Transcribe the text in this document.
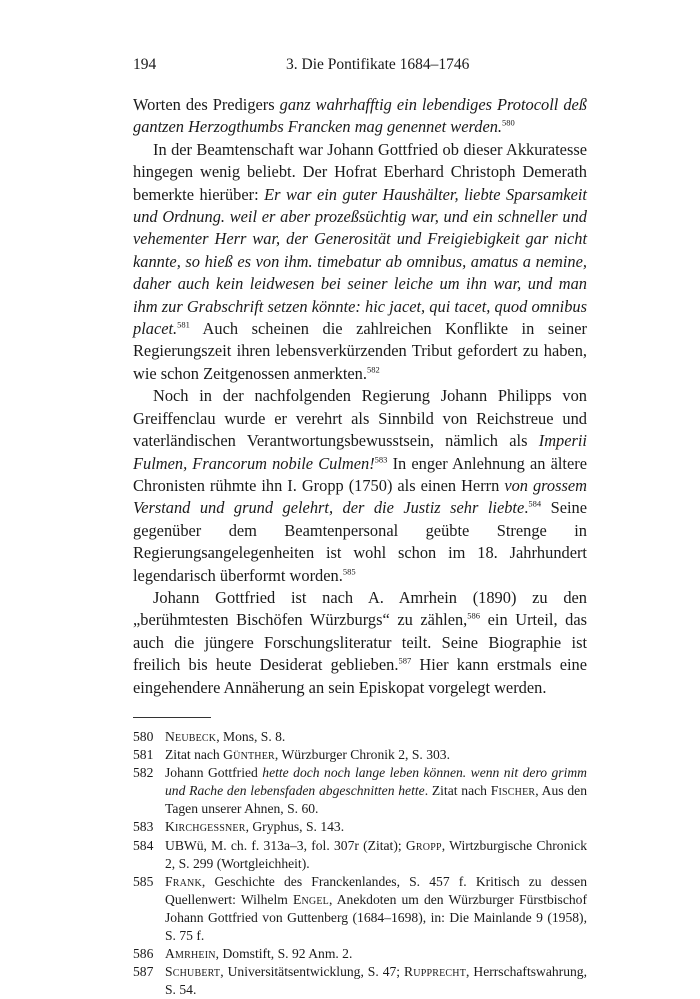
194	3. Die Pontifikate 1684–1746

Worten des Predigers ganz wahrhafftig ein lebendiges Protocoll deß gantzen Herzogthumbs Francken mag genennet werden.$^{580}$

In der Beamtenschaft war Johann Gottfried ob dieser Akkuratesse hingegen wenig beliebt. Der Hofrat Eberhard Christoph Demerath bemerkte hierüber: Er war ein guter Haushälter, liebte Sparsamkeit und Ordnung. weil er aber prozeßsüchtig war, und ein schneller und vehementer Herr war, der Generosität und Freigiebigkeit gar nicht kannte, so hieß es von ihm. timebatur ab omnibus, amatus a nemine, daher auch kein leidwesen bei seiner leiche um ihn war, und man ihm zur Grabschrift setzen könnte: hic jacet, qui tacet, quod omnibus placet.$^{581}$ Auch scheinen die zahlreichen Konflikte in seiner Regierungszeit ihren lebensverkürzenden Tribut gefordert zu haben, wie schon Zeitgenossen anmerkten.$^{582}$

Noch in der nachfolgenden Regierung Johann Philipps von Greiffenclau wurde er verehrt als Sinnbild von Reichstreue und vaterländischen Verantwortungsbewusstsein, nämlich als Imperii Fulmen, Francorum nobile Culmen!$^{583}$ In enger Anlehnung an ältere Chronisten rühmte ihn I. Gropp (1750) als einen Herrn von grossem Verstand und grund gelehrt, der die Justiz sehr liebte.$^{584}$ Seine gegenüber dem Beamtenpersonal geübte Strenge in Regierungsangelegenheiten ist wohl schon im 18. Jahrhundert legendarisch überformt worden.$^{585}$

Johann Gottfried ist nach A. Amrhein (1890) zu den „berühmtesten Bischöfen Würzburgs“ zu zählen,$^{586}$ ein Urteil, das auch die jüngere Forschungsliteratur teilt. Seine Biographie ist freilich bis heute Desiderat geblieben.$^{587}$ Hier kann erstmals eine eingehendere Annäherung an sein Episkopat vorgelegt werden.

580 Neubeck, Mons, S. 8.
581 Zitat nach Günther, Würzburger Chronik 2, S. 303.
582 Johann Gottfried hette doch noch lange leben können. wenn nit dero grimm und Rache den lebensfaden abgeschnitten hette. Zitat nach Fischer, Aus den Tagen unserer Ahnen, S. 60.
583 Kirchgessner, Gryphus, S. 143.
584 UBWü, M. ch. f. 313a–3, fol. 307r (Zitat); Gropp, Wirtzburgische Chronick 2, S. 299 (Wortgleichheit).
585 Frank, Geschichte des Franckenlandes, S. 457 f. Kritisch zu dessen Quellenwert: Wilhelm Engel, Anekdoten um den Würzburger Fürstbischof Johann Gottfried von Guttenberg (1684–1698), in: Die Mainlande 9 (1958), S. 75 f.
586 Amrhein, Domstift, S. 92 Anm. 2.
587 Schubert, Universitätsentwicklung, S. 47; Rupprecht, Herrschaftswahrung, S. 54.
